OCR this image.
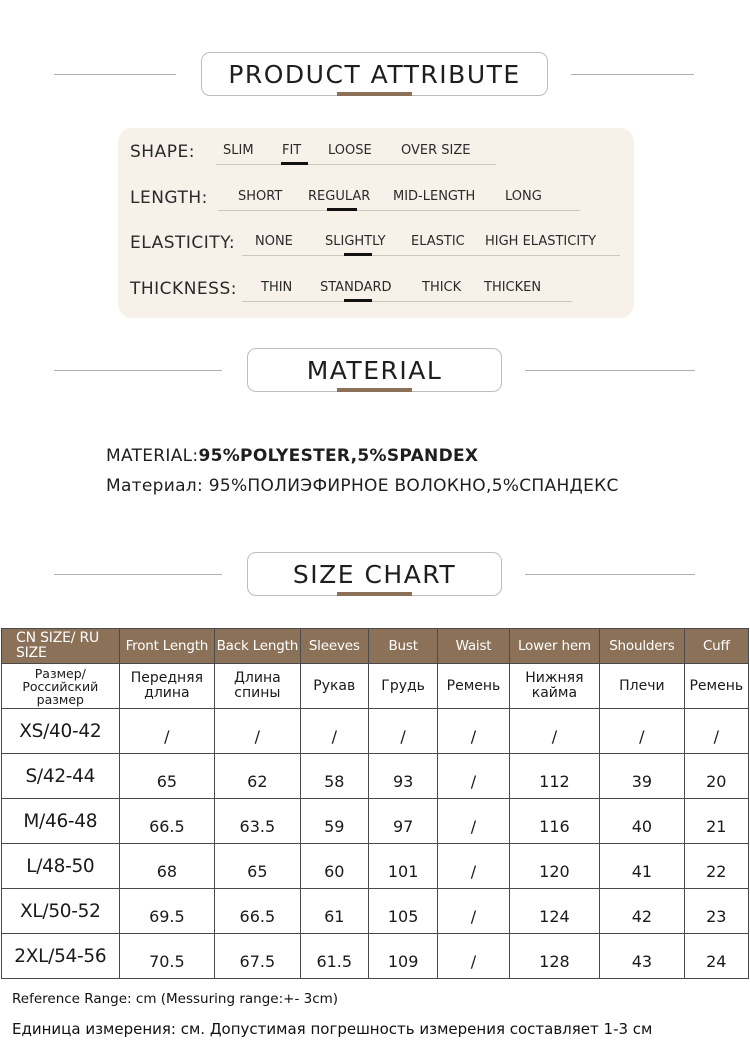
PRODUCT ATTRIBUTE
SHAPE: SLIM FIT LOOSE OVER SIZE
LENGTH: SHORT REGULAR MID-LENGTH LONG
ELASTICITY: NONE SLIGHTLY ELASTIC HIGH ELASTICITY
THICKNESS: THIN STANDARD THICK THICKEN
MATERIAL
MATERIAL:95%POLYESTER,5%SPANDEX
Материал: 95%ПОЛИЭФИРНОЕ ВОЛОКНО,5%СПАНДЕКС
SIZE CHART
CN SIZE/ RU SIZE	Front Length	Back Length	Sleeves	Bust	Waist	Lower hem	Shoulders	Cuff
Размер/ Российский размер	Передняя длина	Длина спины	Рукав	Грудь	Ремень	Нижняя кайма	Плечи	Ремень
XS/40-42	/	/	/	/	/	/	/	/
S/42-44	65	62	58	93	/	112	39	20
M/46-48	66.5	63.5	59	97	/	116	40	21
L/48-50	68	65	60	101	/	120	41	22
XL/50-52	69.5	66.5	61	105	/	124	42	23
2XL/54-56	70.5	67.5	61.5	109	/	128	43	24
Reference Range: cm (Messuring range:+- 3cm)
Единица измерения: см. Допустимая погрешность измерения составляет 1-3 см
